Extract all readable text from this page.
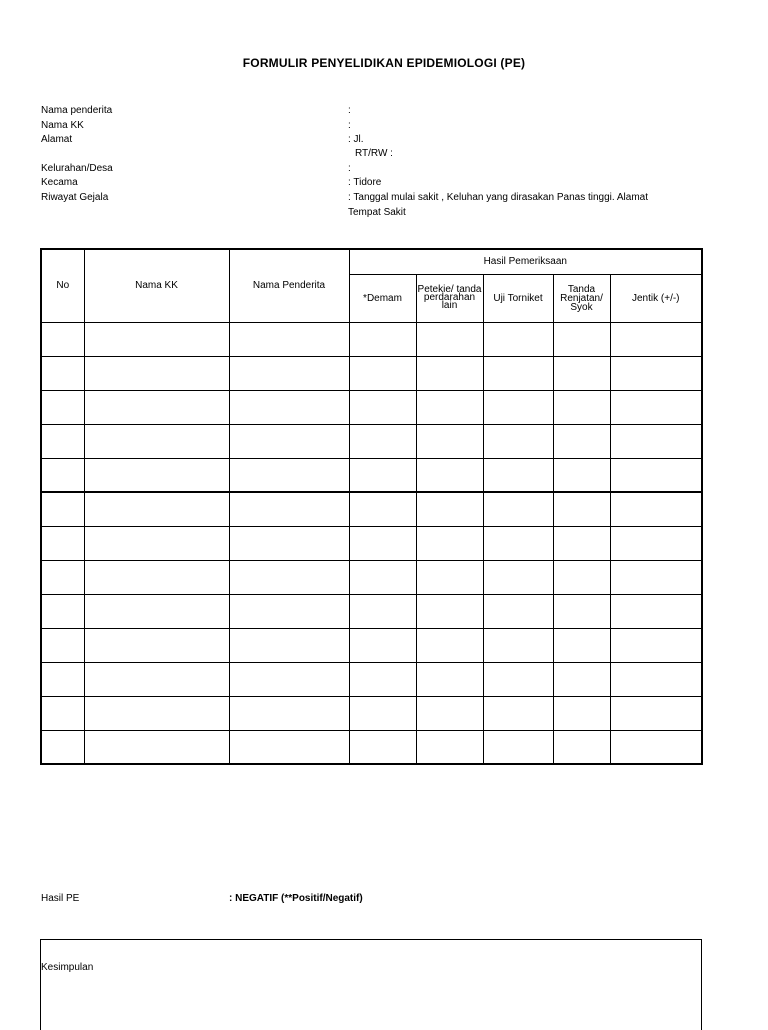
FORMULIR PENYELIDIKAN EPIDEMIOLOGI (PE)
Nama penderita	:
Nama KK	:
Alamat	: Jl.
RT/RW :
Kelurahan/Desa	:
Kecama	: Tidore
Riwayat Gejala	: Tanggal mulai sakit , Keluhan yang dirasakan Panas tinggi. Alamat Tempat Sakit
No	Nama KK	Nama Penderita	Hasil Pemeriksaan				
			*Demam	Petekie/ tanda perdarahan lain	Uji Torniket	Tanda Renjatan/ Syok	Jentik (+/-)

Hasil PE	: NEGATIF (**Positif/Negatif)
Kesimpulan
